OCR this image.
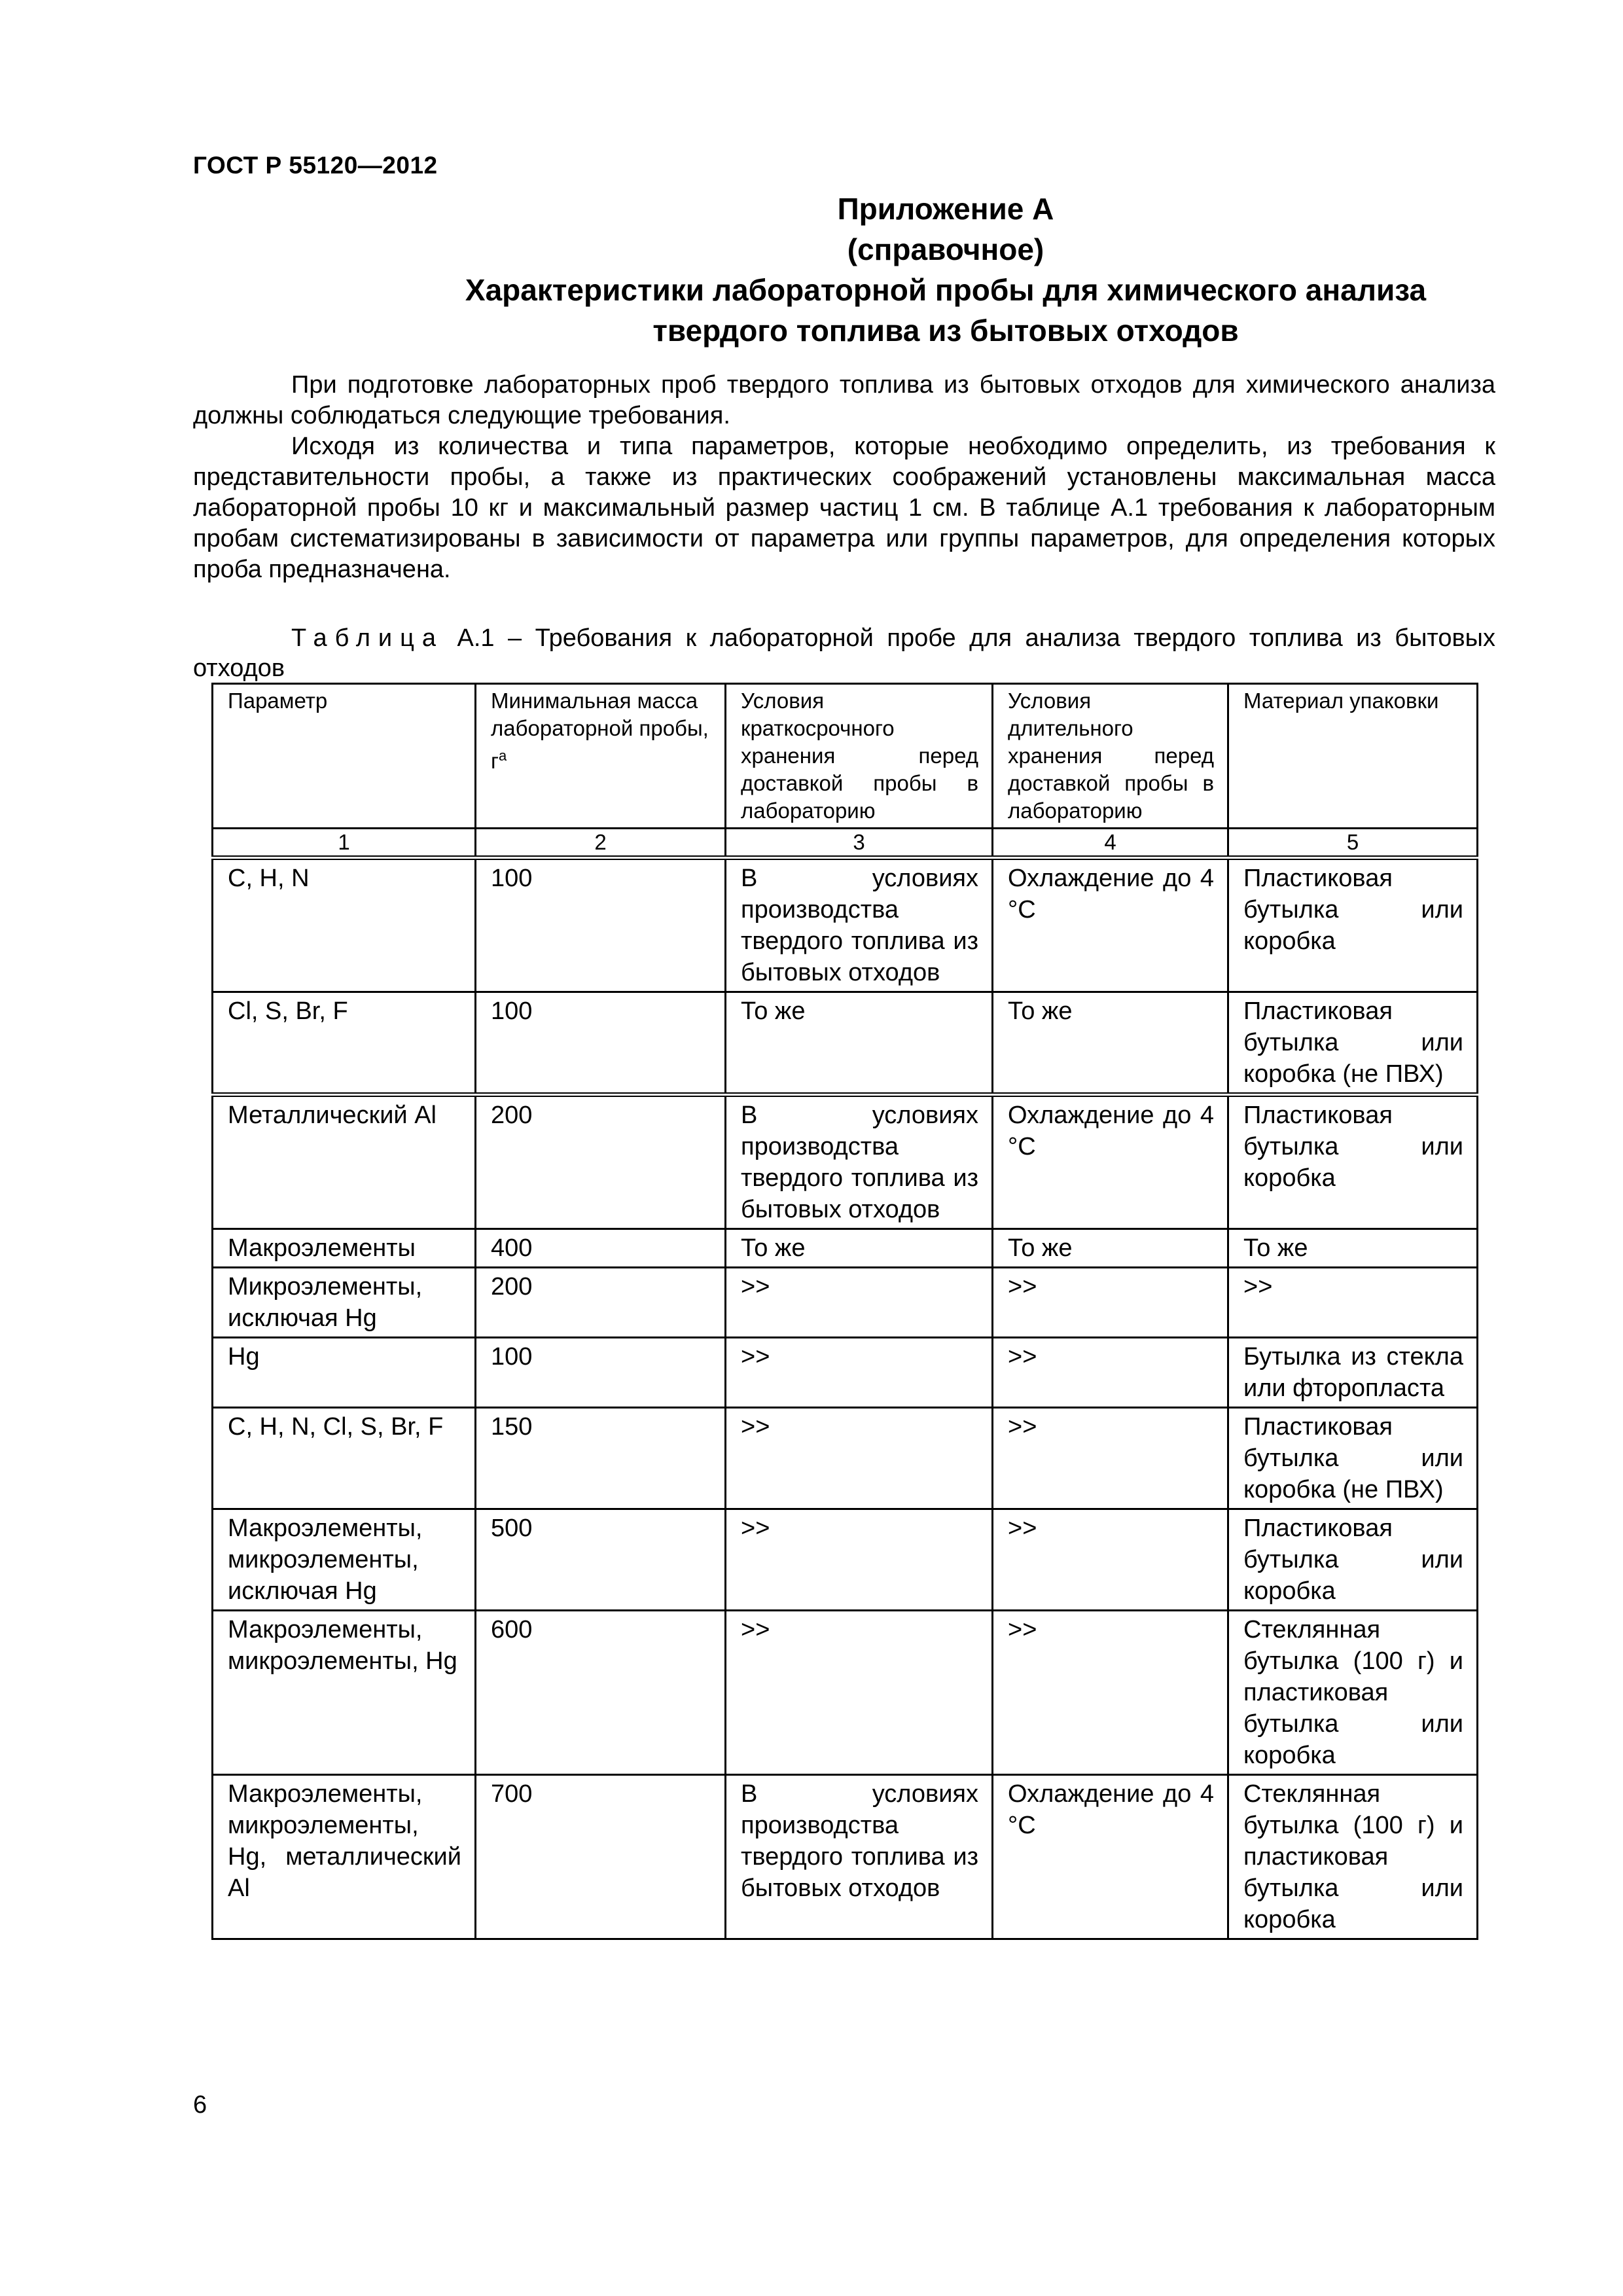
ГОСТ Р 55120—2012
Приложение А
(справочное)
Характеристики лабораторной пробы для химического анализа
твердого топлива из бытовых отходов

При подготовке лабораторных проб твердого топлива из бытовых отходов для химического анализа должны соблюдаться следующие требования.

Исходя из количества и типа параметров, которые необходимо определить, из требования к представительности пробы, а также из практических соображений установлены максимальная масса лабораторной пробы 10 кг и максимальный размер частиц 1 см. В таблице А.1 требования к лабораторным пробам систематизированы в зависимости от параметра или группы параметров, для определения которых проба предназначена.

Таблица А.1 – Требования к лабораторной пробе для анализа твердого топлива из бытовых отходов
Параметр	Минимальная масса лабораторной пробы, $г^а$	Условия краткосрочного хранения перед доставкой пробы в лабораторию	Условия длительного хранения перед доставкой пробы в лабораторию	Материал упаковки
1	2	3	4	5
С, Н, N	100	В условиях производства твердого топлива из бытовых отходов	Охлаждение до 4 °С	Пластиковая бутылка или коробка
Cl, S, Br, F	100	То же	То же	Пластиковая бутылка или коробка (не ПВХ)
Металлический Al	200	В условиях производства твердого топлива из бытовых отходов	Охлаждение до 4 °С	Пластиковая бутылка или коробка
Макроэлементы	400	То же	То же	То же
Микроэлементы, исключая Hg	200	>>	>>	>>
Hg	100	>>	>>	Бутылка из стекла или фторопласта
С, Н, N, Cl, S, Br, F	150	>>	>>	Пластиковая бутылка или коробка (не ПВХ)
Макроэлементы, микроэлементы, исключая Hg	500	>>	>>	Пластиковая бутылка или коробка
Макроэлементы, микроэлементы, Hg	600	>>	>>	Стеклянная бутылка (100 г) и пластиковая бутылка или коробка
Макроэлементы, микроэлементы, Hg, металлический Al	700	В условиях производства твердого топлива из бытовых отходов	Охлаждение до 4 °С	Стеклянная бутылка (100 г) и пластиковая бутылка или коробка
6
